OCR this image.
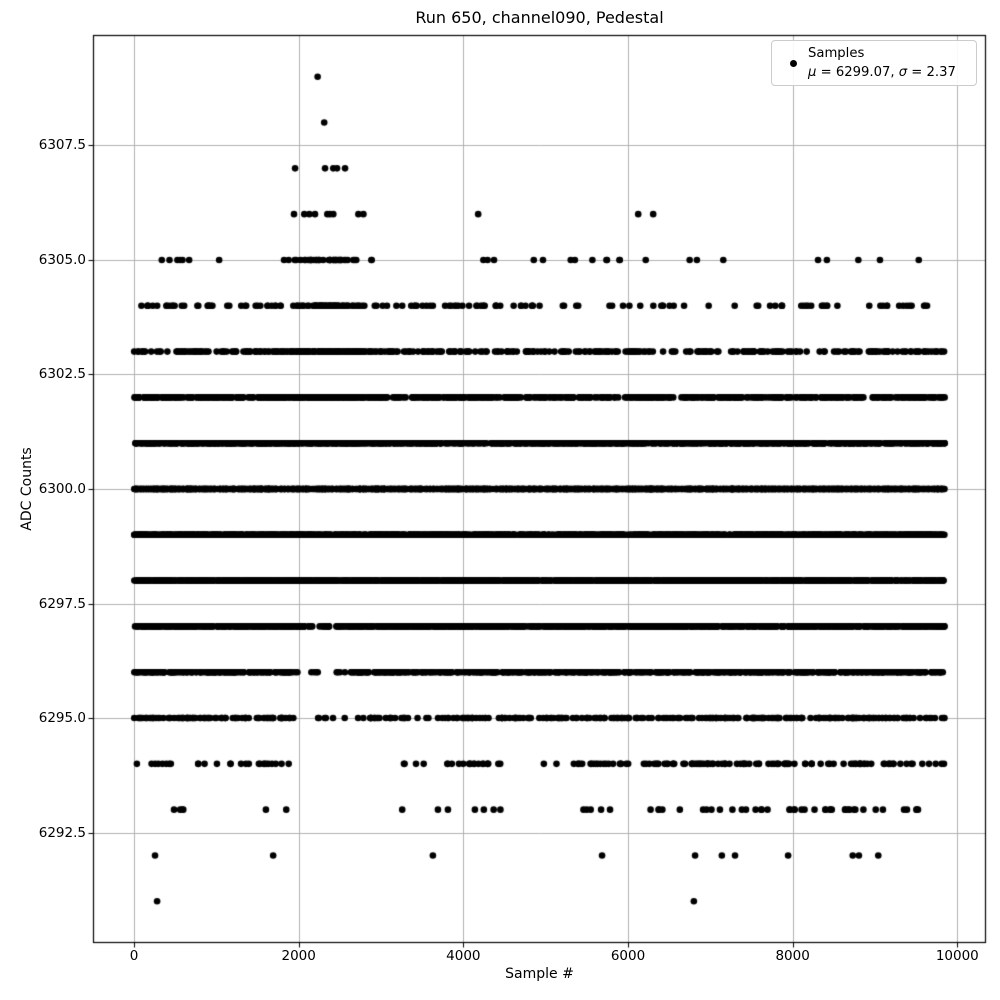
Run 650, channel090, Pedestal
ADC Counts
Sample #
0	2000	4000	6000	8000	10000
6292.5
6295.0
6297.5
6300.0
6302.5
6305.0
6307.5
Samples
μ = 6299.07, σ = 2.37
